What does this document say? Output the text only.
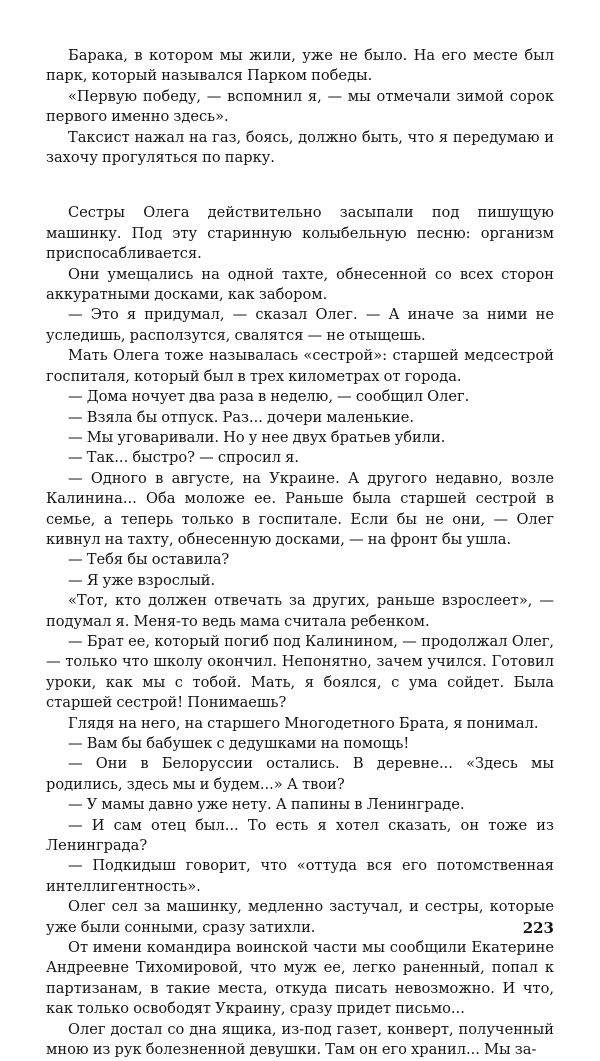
Барака, в котором мы жили, уже не было. На его месте был парк, который назывался Парком победы.

«Первую победу, — вспомнил я, — мы отмечали зимой сорок первого именно здесь».

Таксист нажал на газ, боясь, должно быть, что я передумаю и захочу прогуляться по парку.

Сестры Олега действительно засыпали под пишущую машинку. Под эту старинную колыбельную песню: организм приспосабливается.

Они умещались на одной тахте, обнесенной со всех сторон аккуратными досками, как забором.

— Это я придумал, — сказал Олег. — А иначе за ними не уследишь, расползутся, свалятся — не отыщешь.

Мать Олега тоже называлась «сестрой»: старшей медсестрой госпиталя, который был в трех километрах от города.

— Дома ночует два раза в неделю, — сообщил Олег.

— Взяла бы отпуск. Раз... дочери маленькие.

— Мы уговаривали. Но у нее двух братьев убили.

— Так... быстро? — спросил я.

— Одного в августе, на Украине. А другого недавно, возле Калинина... Оба моложе ее. Раньше была старшей сестрой в семье, а теперь только в госпитале. Если бы не они, — Олег кивнул на тахту, обнесенную досками, — на фронт бы ушла.

— Тебя бы оставила?

— Я уже взрослый.

«Тот, кто должен отвечать за других, раньше взрослеет», — подумал я. Меня-то ведь мама считала ребенком.

— Брат ее, который погиб под Калинином, — продолжал Олег, — только что школу окончил. Непонятно, зачем учился. Готовил уроки, как мы с тобой. Мать, я боялся, с ума сойдет. Была старшей сестрой! Понимаешь?

Глядя на него, на старшего Многодетного Брата, я понимал.

— Вам бы бабушек с дедушками на помощь!

— Они в Белоруссии остались. В деревне... «Здесь мы родились, здесь мы и будем...» А твои?

— У мамы давно уже нету. А папины в Ленинграде.

— И сам отец был... То есть я хотел сказать, он тоже из Ленинграда?

— Подкидыш говорит, что «оттуда вся его потомственная интеллигентность».

Олег сел за машинку, медленно застучал, и сестры, которые уже были сонными, сразу затихли.

От имени командира воинской части мы сообщили Екатерине Андреевне Тихомировой, что муж ее, легко раненный, попал к партизанам, в такие места, откуда писать невозможно. И что, как только освободят Украину, сразу придет письмо...

Олег достал со дна ящика, из-под газет, конверт, полученный мною из рук болезненной девушки. Там он его хранил... Мы за-

223
